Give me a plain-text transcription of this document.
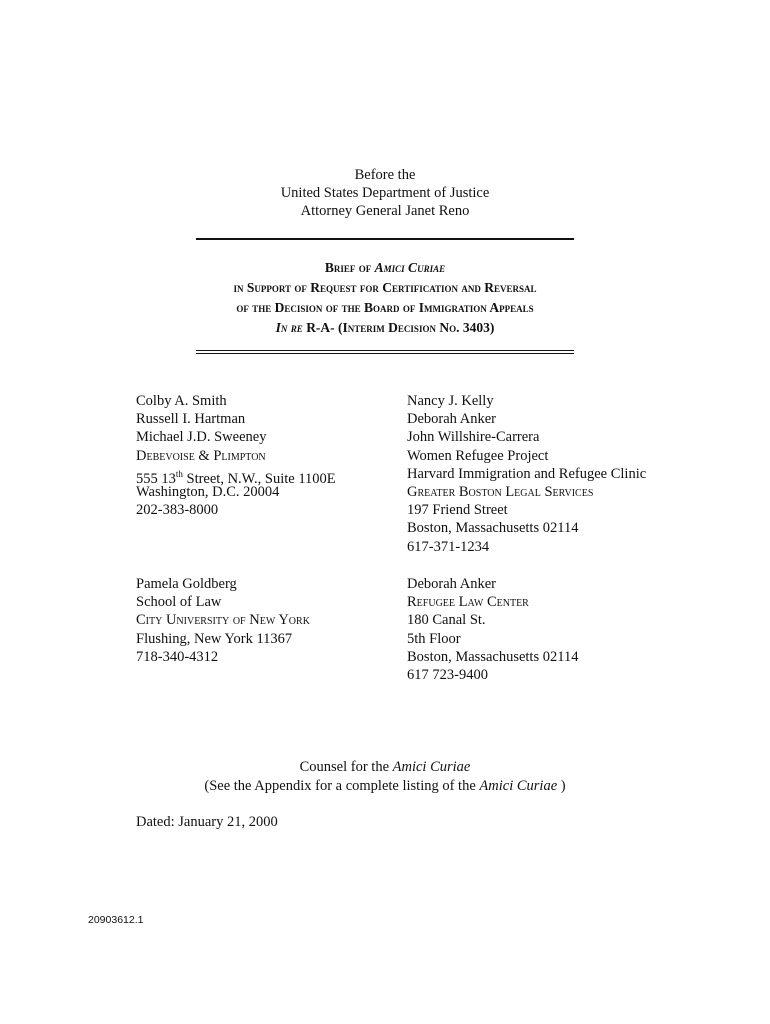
Before the
United States Department of Justice
Attorney General Janet Reno
Brief of Amici Curiae
in Support of Request for Certification and Reversal
of the Decision of the Board of Immigration Appeals
In re R-A- (Interim Decision No. 3403)
Colby A. Smith
Russell I. Hartman
Michael J.D. Sweeney
Debevoise & Plimpton
555 13th Street, N.W., Suite 1100E
Washington, D.C. 20004
202-383-8000
Nancy J. Kelly
Deborah Anker
John Willshire-Carrera
Women Refugee Project
Harvard Immigration and Refugee Clinic
Greater Boston Legal Services
197 Friend Street
Boston, Massachusetts 02114
617-371-1234
Pamela Goldberg
School of Law
City University of New York
Flushing, New York 11367
718-340-4312
Deborah Anker
Refugee Law Center
180 Canal St.
5th Floor
Boston, Massachusetts 02114
617 723-9400
Counsel for the Amici Curiae
(See the Appendix for a complete listing of the Amici Curiae )
Dated: January 21, 2000
20903612.1
